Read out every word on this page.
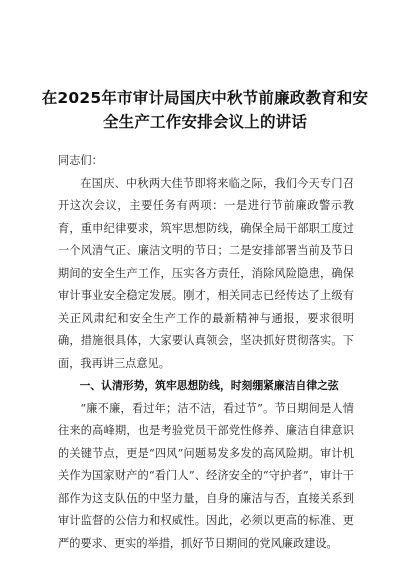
在2025年市审计局国庆中秋节前廉政教育和安全生产工作安排会议上的讲话

同志们：

在国庆、中秋两大佳节即将来临之际，我们今天专门召开这次会议，主要任务有两项：一是进行节前廉政警示教育，重申纪律要求，筑牢思想防线，确保全局干部职工度过一个风清气正、廉洁文明的节日；二是安排部署当前及节日期间的安全生产工作，压实各方责任，消除风险隐患，确保审计事业安全稳定发展。刚才，相关同志已经传达了上级有关正风肃纪和安全生产工作的最新精神与通报，要求很明确，措施很具体，大家要认真领会，坚决抓好贯彻落实。下面，我再讲三点意见。

一、认清形势，筑牢思想防线，时刻绷紧廉洁自律之弦

“廉不廉，看过年；洁不洁，看过节”。节日期间是人情往来的高峰期，也是考验党员干部党性修养、廉洁自律意识的关键节点，更是“四风”问题易发多发的高风险期。审计机关作为国家财产的“看门人”、经济安全的“守护者”，审计干部作为这支队伍的中坚力量，自身的廉洁与否，直接关系到审计监督的公信力和权威性。因此，必须以更高的标准、更严的要求、更实的举措，抓好节日期间的党风廉政建设。
